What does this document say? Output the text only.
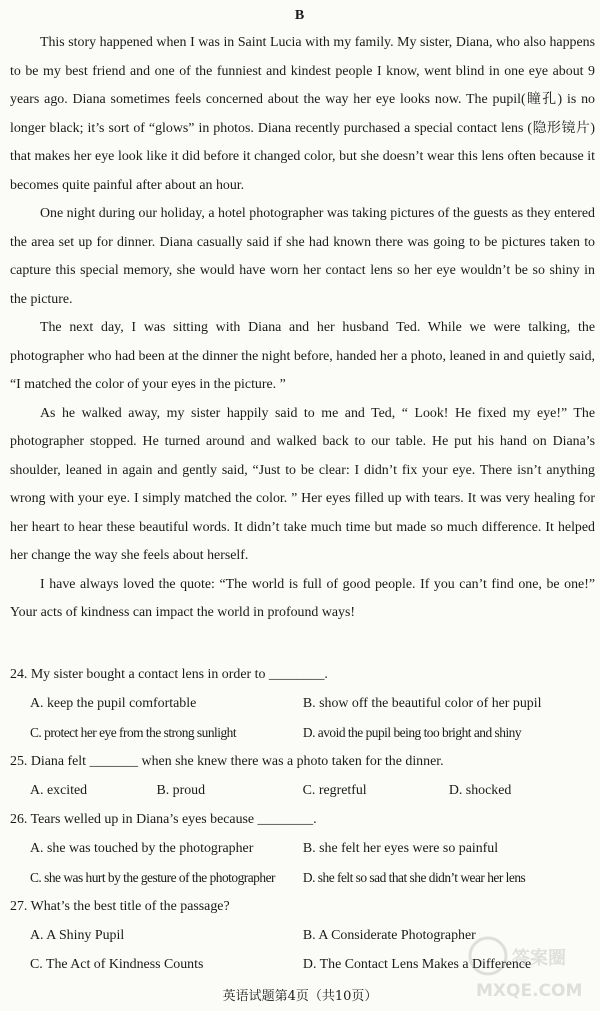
B

This story happened when I was in Saint Lucia with my family. My sister, Diana, who also happens to be my best friend and one of the funniest and kindest people I know, went blind in one eye about 9 years ago. Diana sometimes feels concerned about the way her eye looks now. The pupil(瞳孔) is no longer black; it’s sort of “glows” in photos. Diana recently purchased a special contact lens (隐形镜片) that makes her eye look like it did before it changed color, but she doesn’t wear this lens often because it becomes quite painful after about an hour.

One night during our holiday, a hotel photographer was taking pictures of the guests as they entered the area set up for dinner. Diana casually said if she had known there was going to be pictures taken to capture this special memory, she would have worn her contact lens so her eye wouldn’t be so shiny in the picture.

The next day, I was sitting with Diana and her husband Ted. While we were talking, the photographer who had been at the dinner the night before, handed her a photo, leaned in and quietly said, “I matched the color of your eyes in the picture. ”

As he walked away, my sister happily said to me and Ted, “ Look! He fixed my eye!” The photographer stopped. He turned around and walked back to our table. He put his hand on Diana’s shoulder, leaned in again and gently said, “Just to be clear: I didn’t fix your eye. There isn’t anything wrong with your eye. I simply matched the color. ” Her eyes filled up with tears. It was very healing for her heart to hear these beautiful words. It didn’t take much time but made so much difference. It helped her change the way she feels about herself.

I have always loved the quote: “The world is full of good people. If you can’t find one, be one!” Your acts of kindness can impact the world in profound ways!

24. My sister bought a contact lens in order to ________.
A. keep the pupil comfortable	B. show off the beautiful color of her pupil
C. protect her eye from the strong sunlight	D. avoid the pupil being too bright and shiny
25. Diana felt _______ when she knew there was a photo taken for the dinner.
A. excited	B. proud	C. regretful	D. shocked
26. Tears welled up in Diana’s eyes because ________.
A. she was touched by the photographer	B. she felt her eyes were so painful
C. she was hurt by the gesture of the photographer	D. she felt so sad that she didn’t wear her lens
27. What’s the best title of the passage?
A. A Shiny Pupil	B. A Considerate Photographer
C. The Act of Kindness Counts	D. The Contact Lens Makes a Difference
英语试题第4页（共10页）
答案圈
MXQE.COM
